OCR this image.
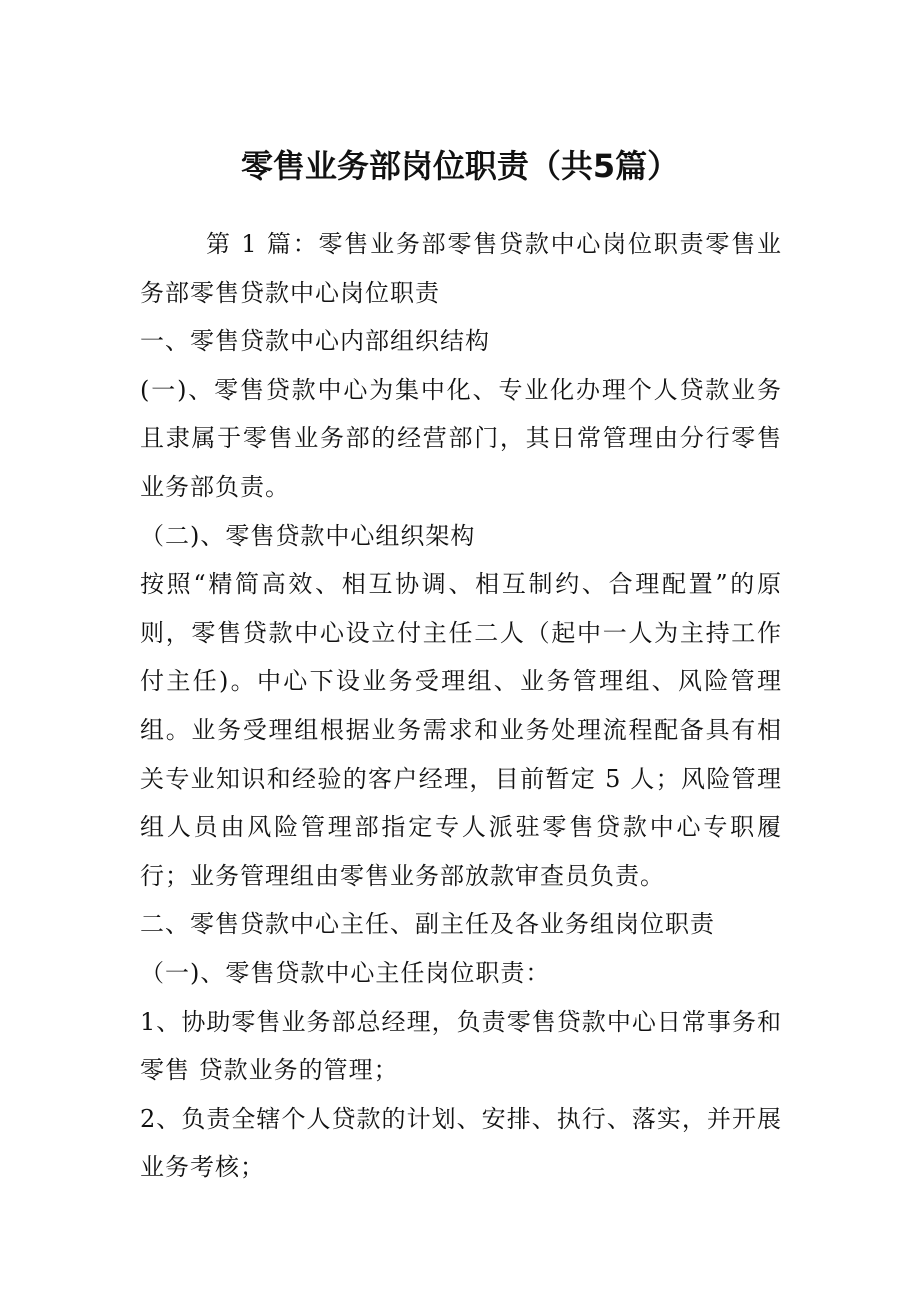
零售业务部岗位职责（共5篇）

第 1 篇：零售业务部零售贷款中心岗位职责零售业务部零售贷款中心岗位职责

一、零售贷款中心内部组织结构

(一)、零售贷款中心为集中化、专业化办理个人贷款业务且隶属于零售业务部的经营部门，其日常管理由分行零售业务部负责。

（二)、零售贷款中心组织架构

按照“精简高效、相互协调、相互制约、合理配置”的原则，零售贷款中心设立付主任二人（起中一人为主持工作付主任)。中心下设业务受理组、业务管理组、风险管理组。业务受理组根据业务需求和业务处理流程配备具有相关专业知识和经验的客户经理，目前暂定 5 人；风险管理组人员由风险管理部指定专人派驻零售贷款中心专职履行；业务管理组由零售业务部放款审查员负责。

二、零售贷款中心主任、副主任及各业务组岗位职责

（一)、零售贷款中心主任岗位职责：

1、协助零售业务部总经理，负责零售贷款中心日常事务和零售 贷款业务的管理；

2、负责全辖个人贷款的计划、安排、执行、落实，并开展业务考核；
